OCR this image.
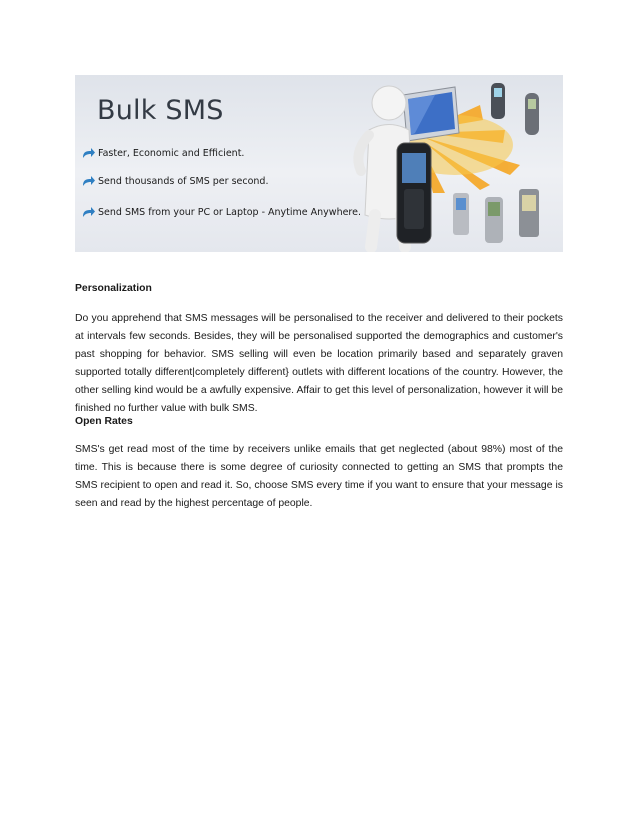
Bulk SMS
Faster, Economic and Efficient.
Send thousands of SMS per second.
Send SMS from your PC or Laptop - Anytime Anywhere.
Personalization

Do you apprehend that SMS messages will be personalised to the receiver and delivered to their pockets at intervals few seconds. Besides, they will be personalised supported the demographics and customer's past shopping for behavior. SMS selling will even be location primarily based and separately graven supported totally different|completely different} outlets with different locations of the country. However, the other selling kind would be a awfully expensive. Affair to get this level of personalization, however it will be finished no further value with bulk SMS.

Open Rates

SMS's get read most of the time by receivers unlike emails that get neglected (about 98%) most of the time. This is because there is some degree of curiosity connected to getting an SMS that prompts the SMS recipient to open and read it. So, choose SMS every time if you want to ensure that your message is seen and read by the highest percentage of people.
